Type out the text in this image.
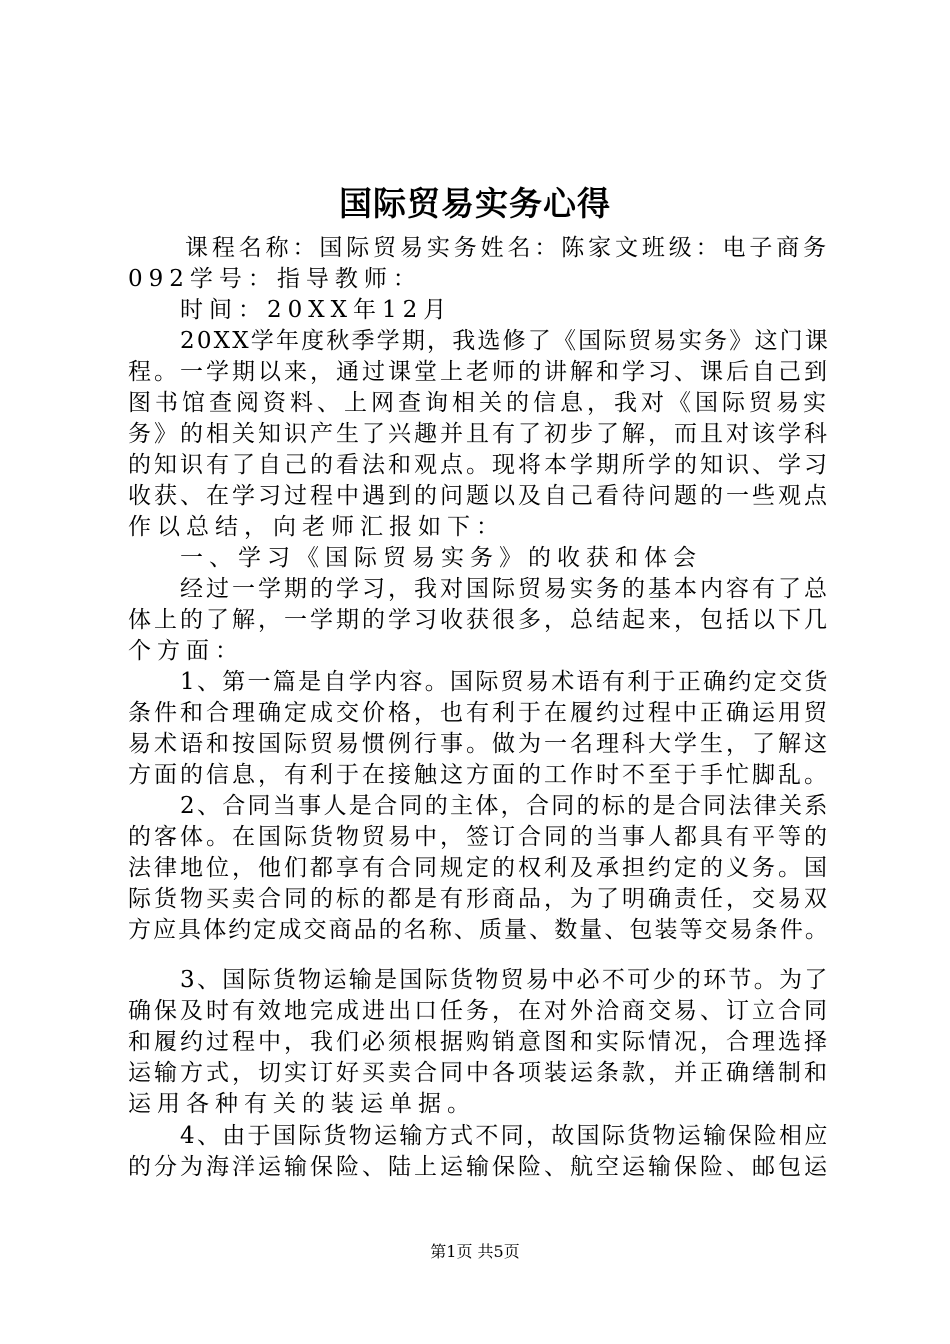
国际贸易实务心得
课程名称：国际贸易实务姓名：陈家文班级：电子商务
092学号：指导教师：
时间：20XX年12月
20XX学年度秋季学期，我选修了《国际贸易实务》这门课
程。一学期以来，通过课堂上老师的讲解和学习、课后自己到
图书馆查阅资料、上网查询相关的信息，我对《国际贸易实
务》的相关知识产生了兴趣并且有了初步了解，而且对该学科
的知识有了自己的看法和观点。现将本学期所学的知识、学习
收获、在学习过程中遇到的问题以及自己看待问题的一些观点
作以总结，向老师汇报如下：
一、学习《国际贸易实务》的收获和体会
经过一学期的学习，我对国际贸易实务的基本内容有了总
体上的了解，一学期的学习收获很多，总结起来，包括以下几
个方面：
1、第一篇是自学内容。国际贸易术语有利于正确约定交货
条件和合理确定成交价格，也有利于在履约过程中正确运用贸
易术语和按国际贸易惯例行事。做为一名理科大学生，了解这
方面的信息，有利于在接触这方面的工作时不至于手忙脚乱。
2、合同当事人是合同的主体，合同的标的是合同法律关系
的客体。在国际货物贸易中，签订合同的当事人都具有平等的
法律地位，他们都享有合同规定的权利及承担约定的义务。国
际货物买卖合同的标的都是有形商品，为了明确责任，交易双
方应具体约定成交商品的名称、质量、数量、包装等交易条件。
3、国际货物运输是国际货物贸易中必不可少的环节。为了
确保及时有效地完成进出口任务，在对外洽商交易、订立合同
和履约过程中，我们必须根据购销意图和实际情况，合理选择
运输方式，切实订好买卖合同中各项装运条款，并正确缮制和
运用各种有关的装运单据。
4、由于国际货物运输方式不同，故国际货物运输保险相应
的分为海洋运输保险、陆上运输保险、航空运输保险、邮包运
第1页 共5页
